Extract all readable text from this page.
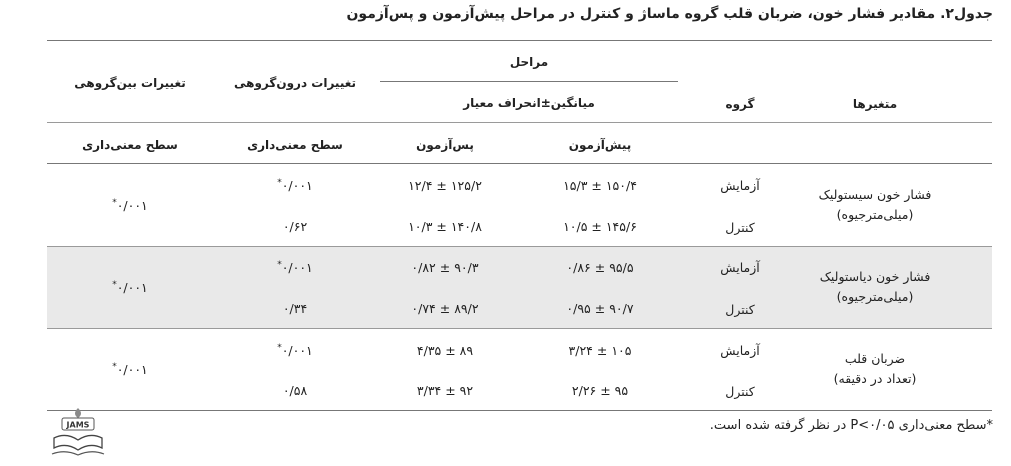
جدول۲. مقادیر فشار خون، ضربان قلب گروه ماساژ و کنترل در مراحل پیش‌آزمون و پس‌آزمون
متغیرها
گروه
مراحل
میانگین±انحراف معیار
پیش‌آزمون
پس‌آزمون
تغییرات درون‌گروهی
تغییرات بین‌گروهی
سطح معنی‌داری
سطح معنی‌داری
فشار خون سیستولیک
(میلی‌مترجیوه)
آزمایش
۱۵۰/۴ ± ۱۵/۳
۱۲۵/۲ ± ۱۲/۴
۰/۰۰۱*
کنترل
۱۴۵/۶ ± ۱۰/۵
۱۴۰/۸ ± ۱۰/۳
۰/۶۲
۰/۰۰۱*
فشار خون دیاستولیک
(میلی‌مترجیوه)
آزمایش
۹۵/۵ ± ۰/۸۶
۹۰/۳ ± ۰/۸۲
۰/۰۰۱*
کنترل
۹۰/۷ ± ۰/۹۵
۸۹/۲ ± ۰/۷۴
۰/۳۴
۰/۰۰۱*
ضربان قلب
(تعداد در دقیقه)
آزمایش
۱۰۵ ± ۳/۲۴
۸۹ ± ۴/۳۵
۰/۰۰۱*
کنترل
۹۵ ± ۲/۲۶
۹۲ ± ۳/۳۴
۰/۵۸
۰/۰۰۱*
JAMS	*سطح معنی‌داری P<۰/۰۵ در نظر گرفته شده است.
